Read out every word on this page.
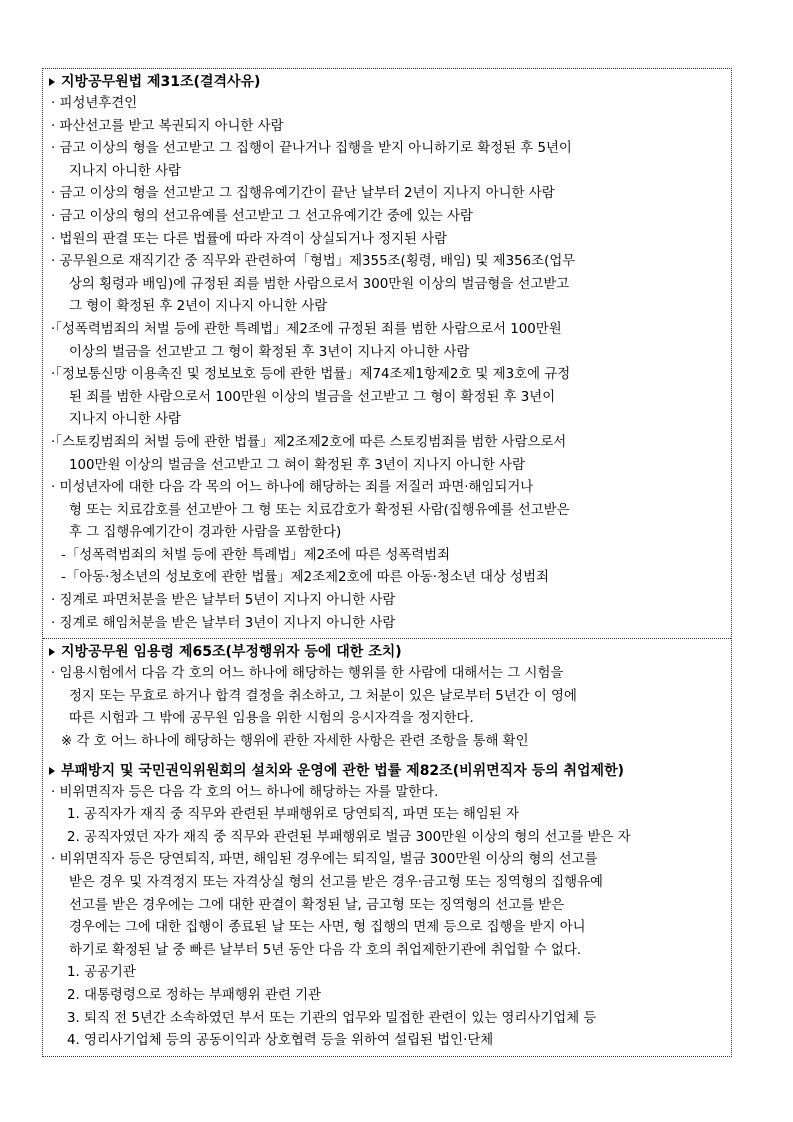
지방공무원법 제31조(결격사유)
· 피성년후견인
· 파산선고를 받고 복권되지 아니한 사람
· 금고 이상의 형을 선고받고 그 집행이 끝나거나 집행을 받지 아니하기로 확정된 후 5년이
지나지 아니한 사람
· 금고 이상의 형을 선고받고 그 집행유예기간이 끝난 날부터 2년이 지나지 아니한 사람
· 금고 이상의 형의 선고유예를 선고받고 그 선고유예기간 중에 있는 사람
· 법원의 판결 또는 다른 법률에 따라 자격이 상실되거나 정지된 사람
· 공무원으로 재직기간 중 직무와 관련하여「형법」제355조(횡령, 배임) 및 제356조(업무
상의 횡령과 배임)에 규정된 죄를 범한 사람으로서 300만원 이상의 벌금형을 선고받고
그 형이 확정된 후 2년이 지나지 아니한 사람
·「성폭력범죄의 처벌 등에 관한 특례법」제2조에 규정된 죄를 범한 사람으로서 100만원
이상의 벌금을 선고받고 그 형이 확정된 후 3년이 지나지 아니한 사람
·「정보통신망 이용촉진 및 정보보호 등에 관한 법률」제74조제1항제2호 및 제3호에 규정
된 죄를 범한 사람으로서 100만원 이상의 벌금을 선고받고 그 형이 확정된 후 3년이
지나지 아니한 사람
·「스토킹범죄의 처벌 등에 관한 법률」제2조제2호에 따른 스토킹범죄를 범한 사람으로서
100만원 이상의 벌금을 선고받고 그 혀이 확정된 후 3년이 지나지 아니한 사람
· 미성년자에 대한 다음 각 목의 어느 하나에 해당하는 죄를 저질러 파면·해임되거나
형 또는 치료감호를 선고받아 그 형 또는 치료감호가 확정된 사람(집행유예를 선고받은
후 그 집행유예기간이 경과한 사람을 포함한다)
-「성폭력범죄의 처벌 등에 관한 특례법」제2조에 따른 성폭력범죄
-「아동·청소년의 성보호에 관한 법률」제2조제2호에 따른 아동·청소년 대상 성범죄
· 징계로 파면처분을 받은 날부터 5년이 지나지 아니한 사람
· 징계로 해임처분을 받은 날부터 3년이 지나지 아니한 사람
지방공무원 임용령 제65조(부정행위자 등에 대한 조치)
· 임용시험에서 다음 각 호의 어느 하나에 해당하는 행위를 한 사람에 대해서는 그 시험을
정지 또는 무효로 하거나 합격 결정을 취소하고, 그 처분이 있은 날로부터 5년간 이 영에
따른 시험과 그 밖에 공무원 임용을 위한 시험의 응시자격을 정지한다.
※ 각 호 어느 하나에 해당하는 행위에 관한 자세한 사항은 관련 조항을 통해 확인
부패방지 및 국민권익위원회의 설치와 운영에 관한 법률 제82조(비위면직자 등의 취업제한)
· 비위면직자 등은 다음 각 호의 어느 하나에 해당하는 자를 말한다.
1. 공직자가 재직 중 직무와 관련된 부패행위로 당연퇴직, 파면 또는 해임된 자
2. 공직자였던 자가 재직 중 직무와 관련된 부패행위로 벌금 300만원 이상의 형의 선고를 받은 자
· 비위면직자 등은 당연퇴직, 파면, 해임된 경우에는 퇴직일, 벌금 300만원 이상의 형의 선고를
받은 경우 및 자격정지 또는 자격상실 형의 선고를 받은 경우·금고형 또는 징역형의 집행유예
선고를 받은 경우에는 그에 대한 판결이 확정된 날, 금고형 또는 징역형의 선고를 받은
경우에는 그에 대한 집행이 종료된 날 또는 사면, 형 집행의 면제 등으로 집행을 받지 아니
하기로 확정된 날 중 빠른 날부터 5년 동안 다음 각 호의 취업제한기관에 취업할 수 없다.
1. 공공기관
2. 대통령령으로 정하는 부패행위 관련 기관
3. 퇴직 전 5년간 소속하였던 부서 또는 기관의 업무와 밀접한 관련이 있는 영리사기업체 등
4. 영리사기업체 등의 공동이익과 상호협력 등을 위하여 설립된 법인·단체
